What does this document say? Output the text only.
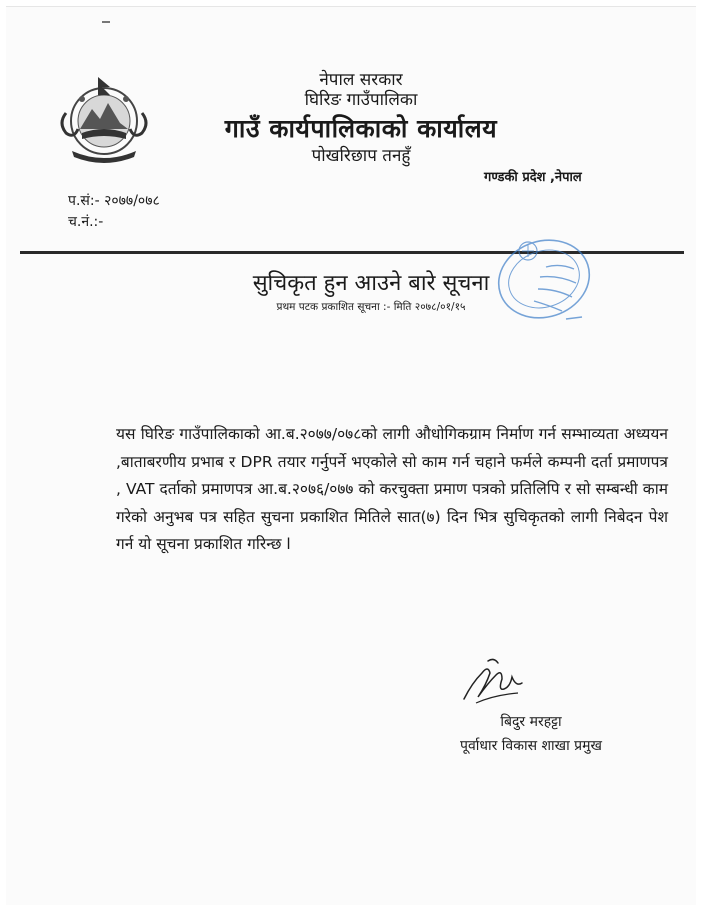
नेपाल सरकार
घिरिङ गाउँपालिका
गाउँ कार्यपालिकाको कार्यालय
पोखरिछाप तनहुँ
गण्डकी प्रदेश ,नेपाल
प.सं:- २०७७/०७८
च.नं.:-
सुचिकृत हुन आउने बारे सूचना
प्रथम पटक प्रकाशित सूचना :- मिति २०७८/०१/१५
यस घिरिङ गाउँपालिकाको आ.ब.२०७७/०७८को लागी औधोगिकग्राम निर्माण गर्न सम्भाव्यता अध्ययन ,बाताबरणीय प्रभाब र DPR तयार गर्नुपर्ने भएकोले सो काम गर्न चहाने फर्मले कम्पनी दर्ता प्रमाणपत्र , VAT दर्ताको प्रमाणपत्र आ.ब.२०७६/०७७ को करचुक्ता प्रमाण पत्रको प्रतिलिपि र सो सम्बन्धी काम गरेको अनुभब पत्र सहित सुचना प्रकाशित मितिले सात(७) दिन भित्र सुचिकृतको लागी निबेदन पेश गर्न यो सूचना प्रकाशित गरिन्छ l
बिदुर मरहट्टा
पूर्वाधार विकास शाखा प्रमुख
